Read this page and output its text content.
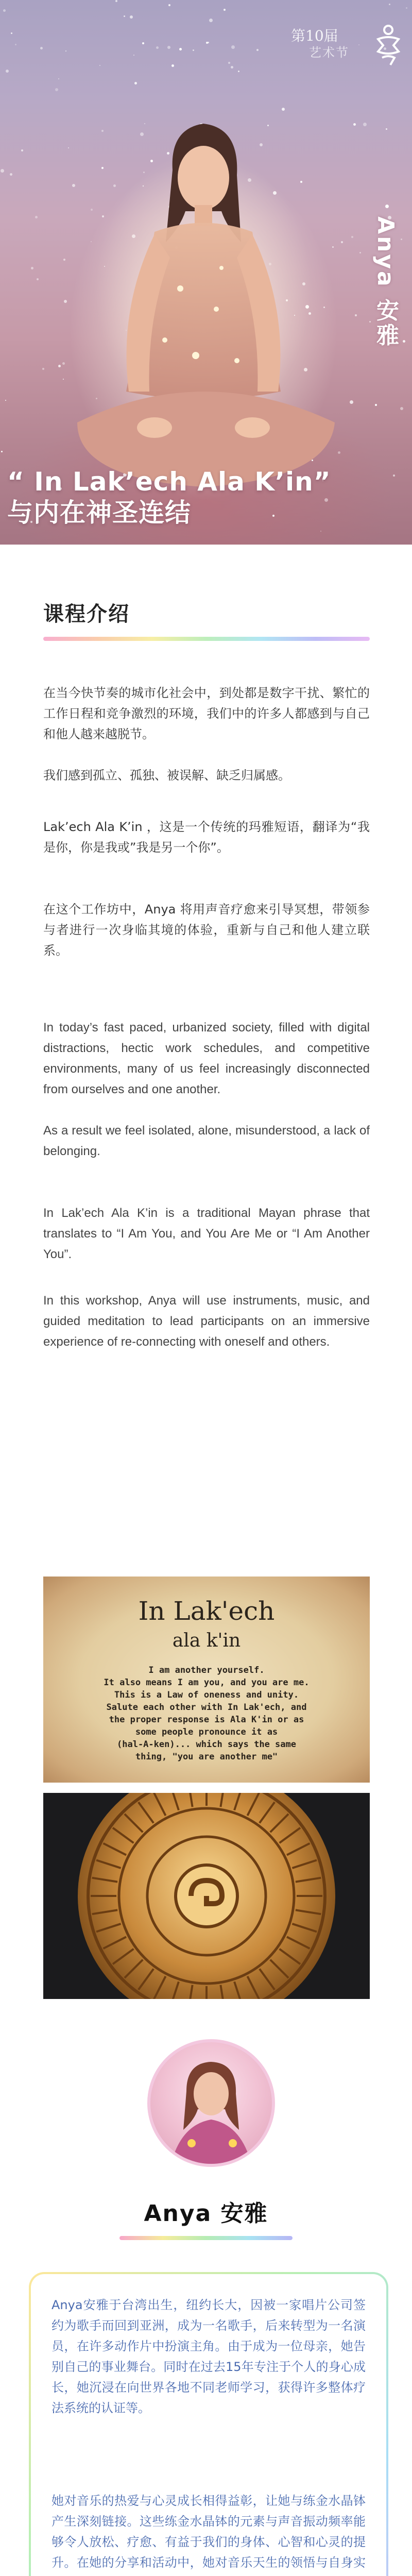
第10届
艺术节
Anya 安雅
“ In Lak’ech Ala K’in”
与内在神圣连结
课程介绍

在当今快节奏的城市化社会中，到处都是数字干扰、繁忙的工作日程和竞争激烈的环境，我们中的许多人都感到与自己和他人越来越脱节。

我们感到孤立、孤独、被误解、缺乏归属感。

Lak’ech Ala K’in ，这是一个传统的玛雅短语，翻译为“我是你，你是我或”我是另一个你”。

在这个工作坊中，Anya 将用声音疗愈来引导冥想，带领参与者进行一次身临其境的体验，重新与自己和他人建立联系。

In today’s fast paced, urbanized society, filled with digital distractions, hectic work schedules, and competitive environments, many of us feel increasingly disconnected from ourselves and one another.

As a result we feel isolated, alone, misunderstood, a lack of belonging.

In Lak’ech Ala K’in is a traditional Mayan phrase that translates to “I Am You, and You Are Me or “I Am Another You”.

In this workshop, Anya will use instruments, music, and guided meditation to lead participants on an immersive experience of re-connecting with oneself and others.

In Lak'ech
ala k'in
I am another yourself.
It also means I am you, and you are me.
This is a Law of oneness and unity.
Salute each other with In Lak'ech, and
the proper response is Ala K'in or as
some people pronounce it as
(hal-A-ken)... which says the same
thing, "you are another me"
Anya 安雅

Anya安雅于台湾出生，纽约长大，因被一家唱片公司签约为歌手而回到亚洲，成为一名歌手，后来转型为一名演员，在许多动作片中扮演主角。由于成为一位母亲，她告别自己的事业舞台。同时在过去15年专注于个人的身心成长，她沉浸在向世界各地不同老师学习，获得许多整体疗法系统的认证等。

她对音乐的热爱与心灵成长相得益彰，让她与练金水晶钵产生深刻链接。这些练金水晶钵的元素与声音振动频率能够令人放松、疗愈、有益于我们的身体、心智和心灵的提升。在她的分享和活动中，她对音乐天生的领悟与自身实
